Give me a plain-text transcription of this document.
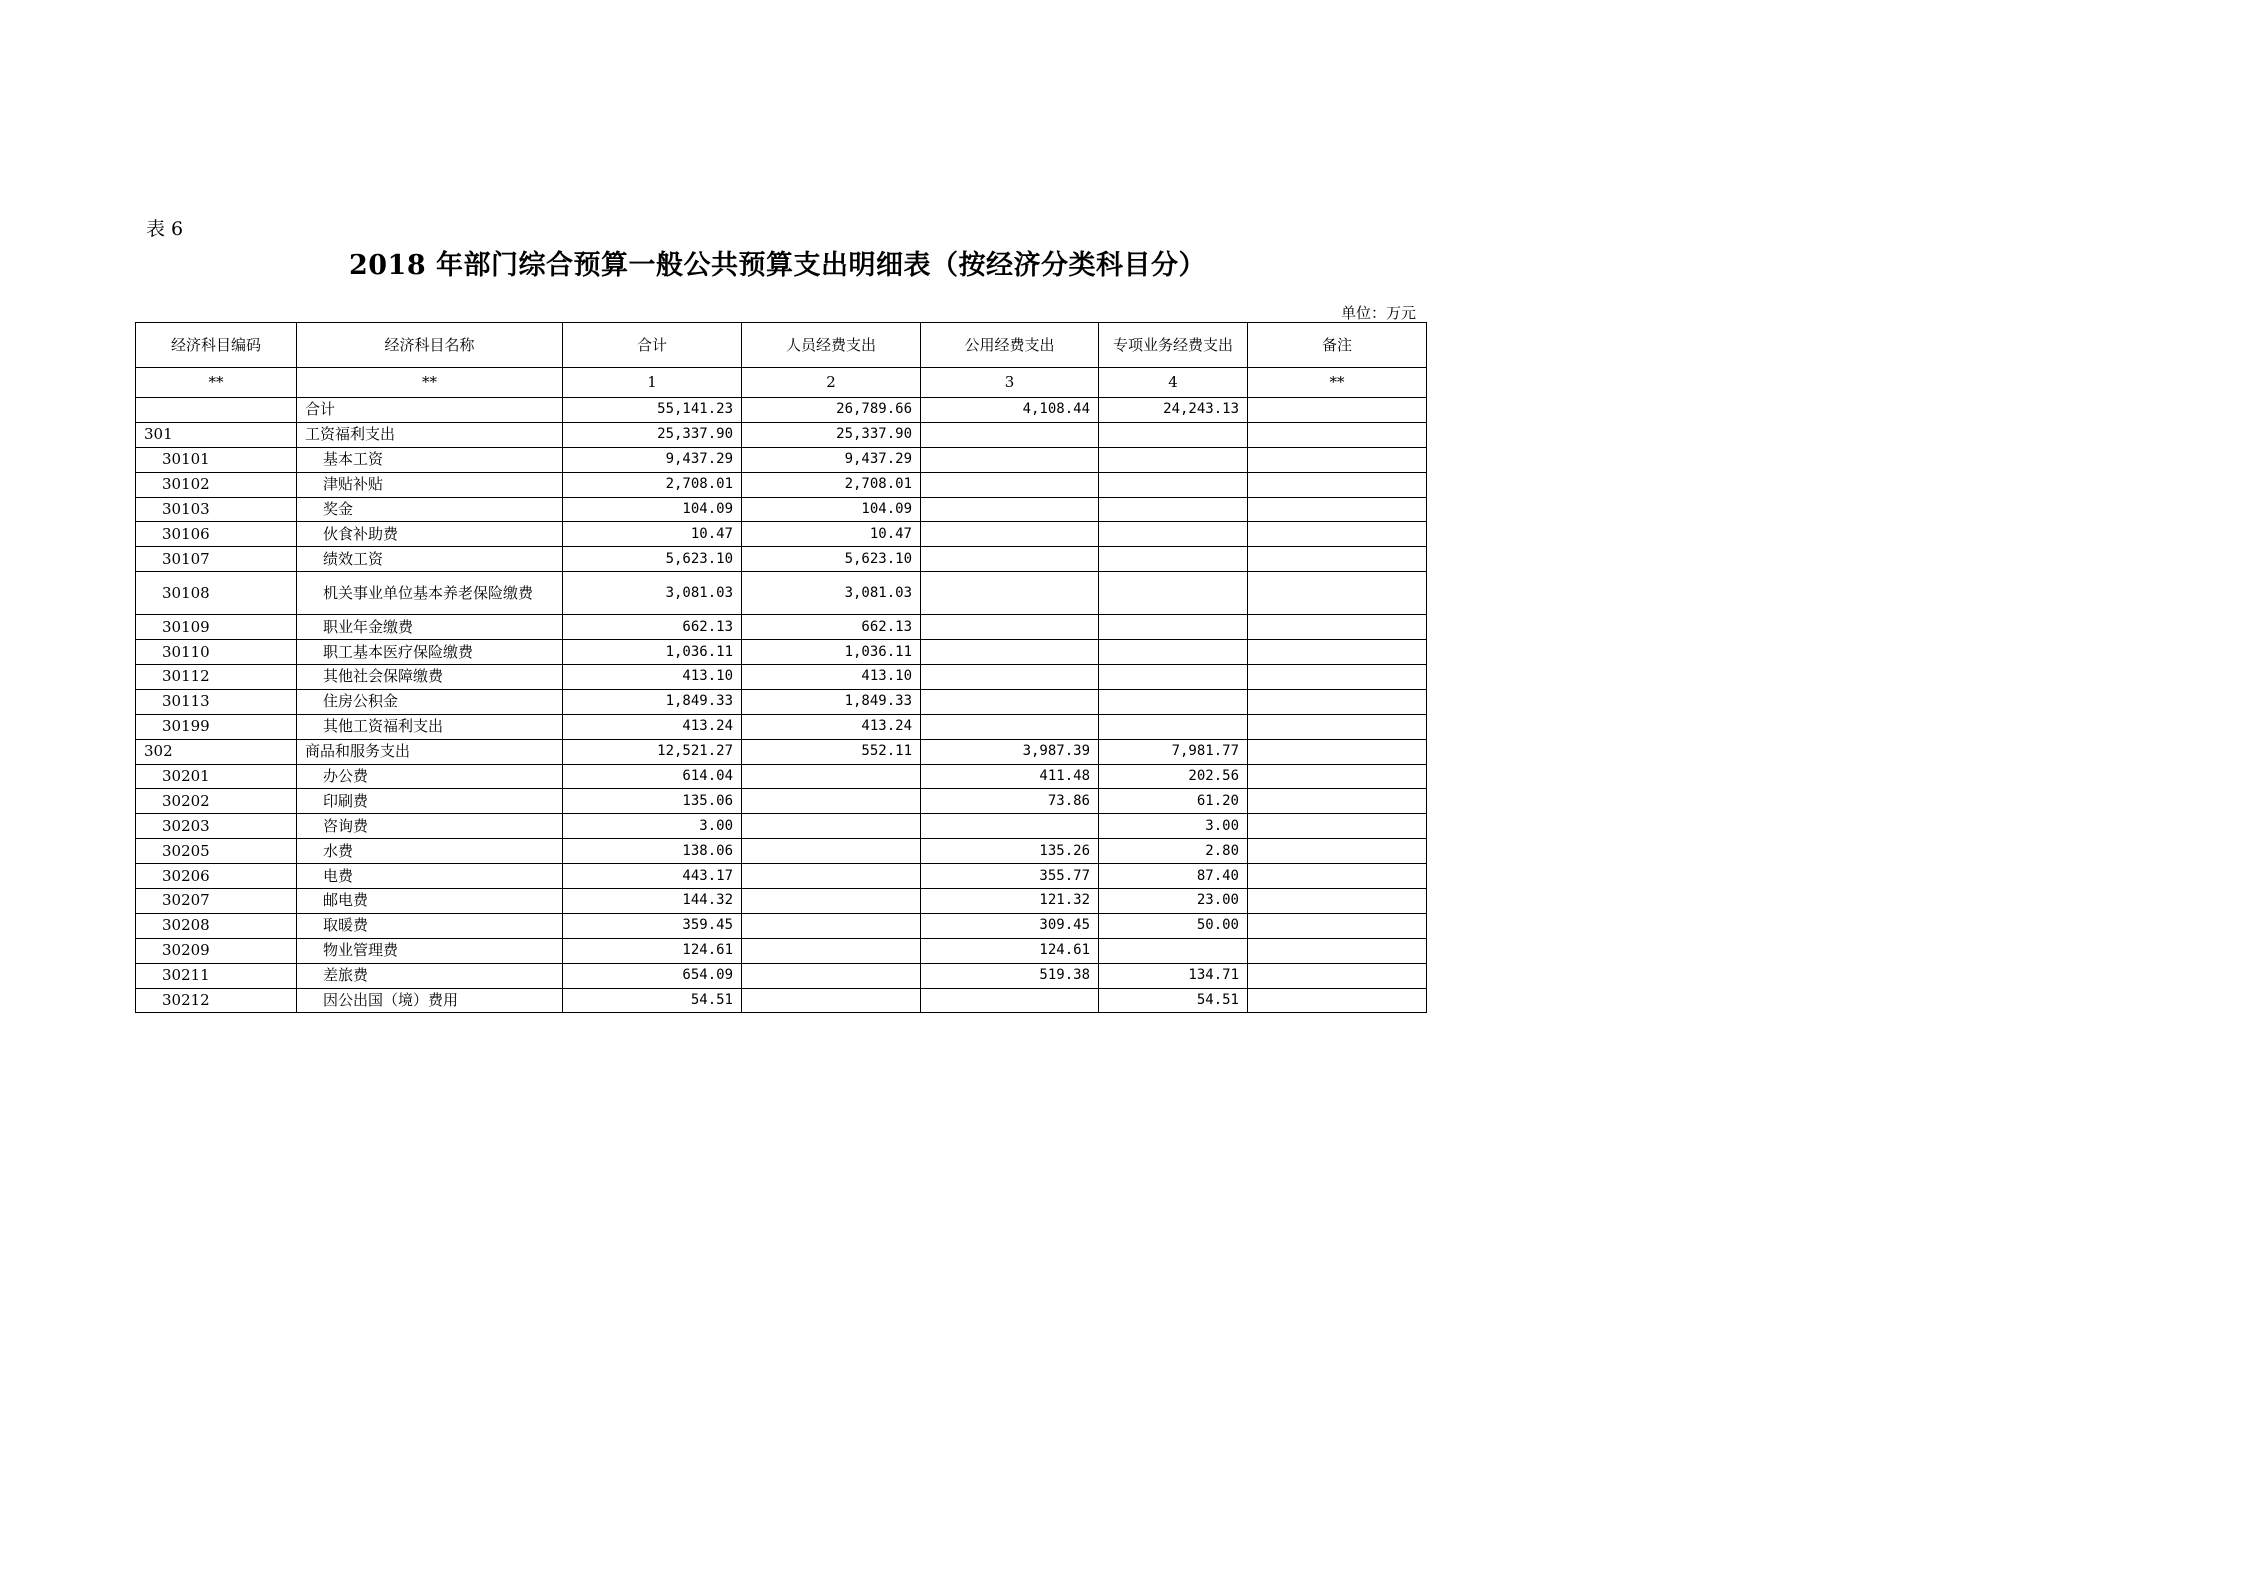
表 6
2018 年部门综合预算一般公共预算支出明细表（按经济分类科目分）
单位：万元
经济科目编码	经济科目名称	合计	人员经费支出	公用经费支出	专项业务经费支出	备注
**	**	1	2	3	4	**
	合计	55,141.23	26,789.66	4,108.44	24,243.13	
301	工资福利支出	25,337.90	25,337.90			
30101	基本工资	9,437.29	9,437.29			
30102	津贴补贴	2,708.01	2,708.01			
30103	奖金	104.09	104.09			
30106	伙食补助费	10.47	10.47			
30107	绩效工资	5,623.10	5,623.10			
30108	机关事业单位基本养老保险缴费	3,081.03	3,081.03			
30109	职业年金缴费	662.13	662.13			
30110	职工基本医疗保险缴费	1,036.11	1,036.11			
30112	其他社会保障缴费	413.10	413.10			
30113	住房公积金	1,849.33	1,849.33			
30199	其他工资福利支出	413.24	413.24			
302	商品和服务支出	12,521.27	552.11	3,987.39	7,981.77	
30201	办公费	614.04		411.48	202.56	
30202	印刷费	135.06		73.86	61.20	
30203	咨询费	3.00			3.00	
30205	水费	138.06		135.26	2.80	
30206	电费	443.17		355.77	87.40	
30207	邮电费	144.32		121.32	23.00	
30208	取暖费	359.45		309.45	50.00	
30209	物业管理费	124.61		124.61		
30211	差旅费	654.09		519.38	134.71	
30212	因公出国（境）费用	54.51			54.51	
